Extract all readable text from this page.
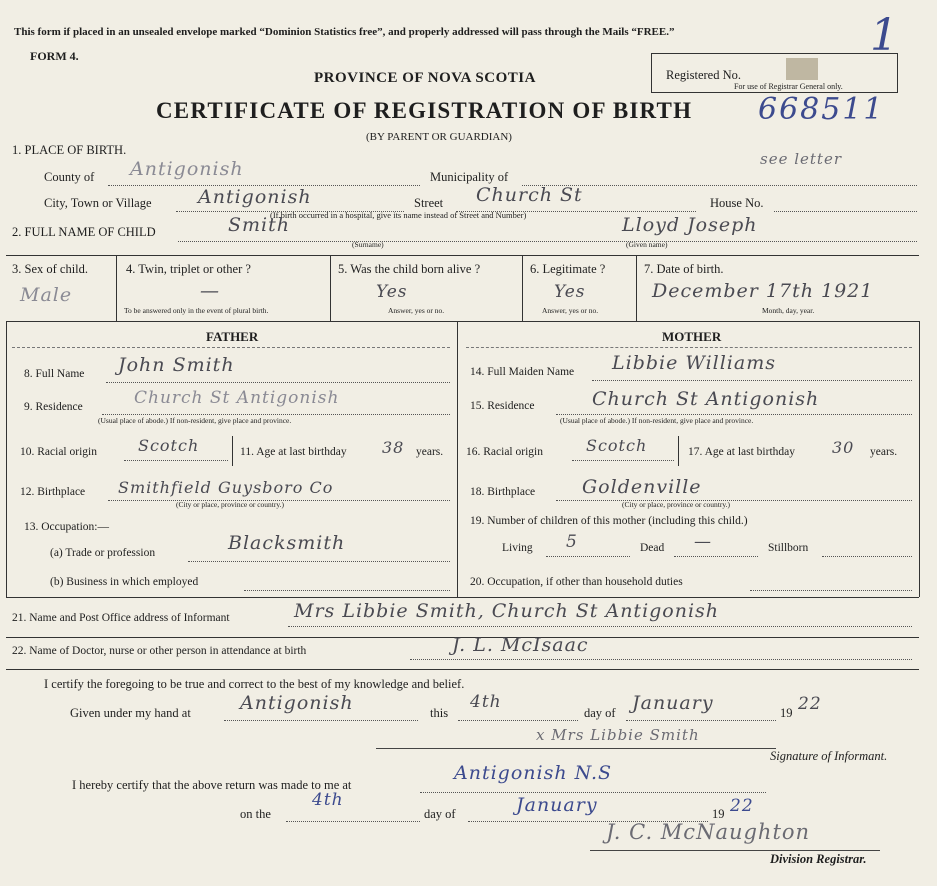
This form if placed in an unsealed envelope marked “Dominion Statistics free”, and properly addressed will pass through the Mails “FREE.”
FORM 4.
PROVINCE OF NOVA SCOTIA
CERTIFICATE OF REGISTRATION OF BIRTH
(BY PARENT OR GUARDIAN)
Registered No.
For use of Registrar General only.
1
668511
1. PLACE OF BIRTH.
County of Antigonish	Municipality of
see letter
City, Town or Village Antigonish	Street Church St	House No.
(If birth occurred in a hospital, give its name instead of Street and Number)
2. FULL NAME OF CHILD	Smith	Lloyd Joseph
(Surname)	(Given name)
3. Sex of child.
Male
4. Twin, triplet or other ?
—
To be answered only in the event of plural birth.
5. Was the child born alive ?
Yes
Answer, yes or no.
6. Legitimate ?
Yes
Answer, yes or no.
7. Date of birth.
December 17th 1921
Month, day, year.
FATHER	MOTHER
8. Full Name John Smith
9. Residence	Church St Antigonish
(Usual place of abode.) If non-resident, give place and province.
10. Racial origin	Scotch	11. Age at last birthday 38 years.
12. Birthplace Smithfield Guysboro Co
(City or place, province or country.)
13. Occupation:—
(a) Trade or profession	Blacksmith
(b) Business in which employed
14. Full Maiden Name Libbie Williams
15. Residence	Church St Antigonish
(Usual place of abode.) If non-resident, give place and province.
16. Racial origin	Scotch	17. Age at last birthday 30 years.
18. Birthplace Goldenville
(City or place, province or country.)
19. Number of children of this mother (including this child.)
Living 5	Dead —	Stillborn
20. Occupation, if other than household duties
21. Name and Post Office address of Informant	Mrs Libbie Smith, Church St Antigonish
22. Name of Doctor, nurse or other person in attendance at birth	J. L. McIsaac
I certify the foregoing to be true and correct to the best of my knowledge and belief.
Given under my hand at	Antigonish	this
4th
day of January	19 22
x Mrs Libbie Smith
Signature of Informant.
I hereby certify that the above return was made to me at
Antigonish N.S
on the
4th
day of	January	19 22
J. C. McNaughton
Division Registrar.
